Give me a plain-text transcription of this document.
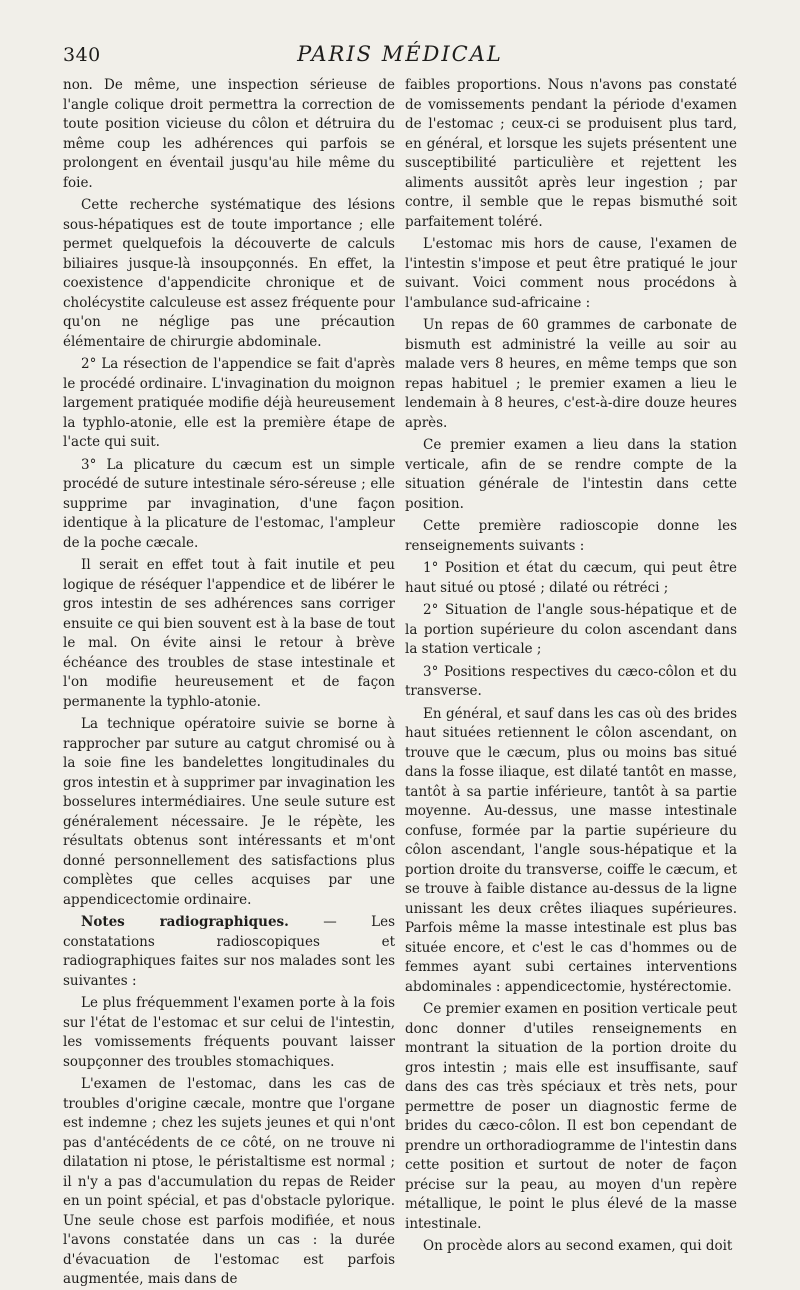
340	PARIS MÉDICAL

non. De même, une inspection sérieuse de l'angle colique droit permettra la correction de toute position vicieuse du côlon et détruira du même coup les adhérences qui parfois se prolongent en éventail jusqu'au hile même du foie.

Cette recherche systématique des lésions sous-hépatiques est de toute importance ; elle permet quelquefois la découverte de calculs biliaires jusque-là insoupçonnés. En effet, la coexistence d'appendicite chronique et de cholécystite calculeuse est assez fréquente pour qu'on ne néglige pas une précaution élémentaire de chirurgie abdominale.

2° La résection de l'appendice se fait d'après le procédé ordinaire. L'invagination du moignon largement pratiquée modifie déjà heureusement la typhlo-atonie, elle est la première étape de l'acte qui suit.

3° La plicature du cæcum est un simple procédé de suture intestinale séro-séreuse ; elle supprime par invagination, d'une façon identique à la plicature de l'estomac, l'ampleur de la poche cæcale.

Il serait en effet tout à fait inutile et peu logique de réséquer l'appendice et de libérer le gros intestin de ses adhérences sans corriger ensuite ce qui bien souvent est à la base de tout le mal. On évite ainsi le retour à brève échéance des troubles de stase intestinale et l'on modifie heureusement et de façon permanente la typhlo-atonie.

La technique opératoire suivie se borne à rapprocher par suture au catgut chromisé ou à la soie fine les bandelettes longitudinales du gros intestin et à supprimer par invagination les bosselures intermédiaires. Une seule suture est généralement nécessaire. Je le répète, les résultats obtenus sont intéressants et m'ont donné personnellement des satisfactions plus complètes que celles acquises par une appendicectomie ordinaire.

Notes radiographiques. — Les constatations radioscopiques et radiographiques faites sur nos malades sont les suivantes :

Le plus fréquemment l'examen porte à la fois sur l'état de l'estomac et sur celui de l'intestin, les vomissements fréquents pouvant laisser soupçonner des troubles stomachiques.

L'examen de l'estomac, dans les cas de troubles d'origine cæcale, montre que l'organe est indemne ; chez les sujets jeunes et qui n'ont pas d'antécédents de ce côté, on ne trouve ni dilatation ni ptose, le péristaltisme est normal ; il n'y a pas d'accumulation du repas de Reider en un point spécial, et pas d'obstacle pylorique. Une seule chose est parfois modifiée, et nous l'avons constatée dans un cas : la durée d'évacuation de l'estomac est parfois augmentée, mais dans de

faibles proportions. Nous n'avons pas constaté de vomissements pendant la période d'examen de l'estomac ; ceux-ci se produisent plus tard, en général, et lorsque les sujets présentent une susceptibilité particulière et rejettent les aliments aussitôt après leur ingestion ; par contre, il semble que le repas bismuthé soit parfaitement toléré.

L'estomac mis hors de cause, l'examen de l'intestin s'impose et peut être pratiqué le jour suivant. Voici comment nous procédons à l'ambulance sud-africaine :

Un repas de 60 grammes de carbonate de bismuth est administré la veille au soir au malade vers 8 heures, en même temps que son repas habituel ; le premier examen a lieu le lendemain à 8 heures, c'est-à-dire douze heures après.

Ce premier examen a lieu dans la station verticale, afin de se rendre compte de la situation générale de l'intestin dans cette position.

Cette première radioscopie donne les renseignements suivants :

1° Position et état du cæcum, qui peut être haut situé ou ptosé ; dilaté ou rétréci ;

2° Situation de l'angle sous-hépatique et de la portion supérieure du colon ascendant dans la station verticale ;

3° Positions respectives du cæco-côlon et du transverse.

En général, et sauf dans les cas où des brides haut situées retiennent le côlon ascendant, on trouve que le cæcum, plus ou moins bas situé dans la fosse iliaque, est dilaté tantôt en masse, tantôt à sa partie inférieure, tantôt à sa partie moyenne. Au-dessus, une masse intestinale confuse, formée par la partie supérieure du côlon ascendant, l'angle sous-hépatique et la portion droite du transverse, coiffe le cæcum, et se trouve à faible distance au-dessus de la ligne unissant les deux crêtes iliaques supérieures. Parfois même la masse intestinale est plus bas située encore, et c'est le cas d'hommes ou de femmes ayant subi certaines interventions abdominales : appendicectomie, hystérectomie.

Ce premier examen en position verticale peut donc donner d'utiles renseignements en montrant la situation de la portion droite du gros intestin ; mais elle est insuffisante, sauf dans des cas très spéciaux et très nets, pour permettre de poser un diagnostic ferme de brides du cæco-côlon. Il est bon cependant de prendre un orthoradiogramme de l'intestin dans cette position et surtout de noter de façon précise sur la peau, au moyen d'un repère métallique, le point le plus élevé de la masse intestinale.

On procède alors au second examen, qui doit
